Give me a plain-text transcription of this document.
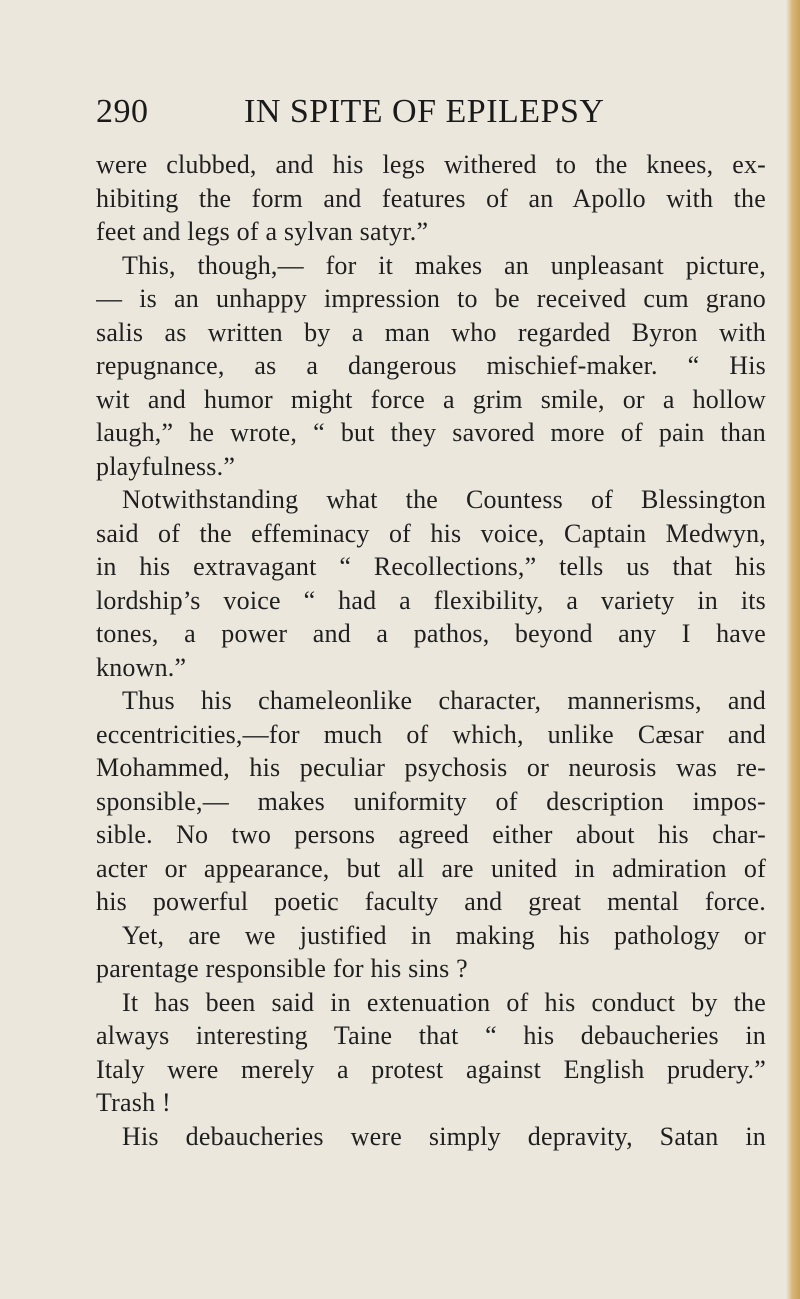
290	IN SPITE OF EPILEPSY
were clubbed, and his legs withered to the knees, ex-
hibiting the form and features of an Apollo with the
feet and legs of a sylvan satyr.”
This, though,— for it makes an unpleasant picture,
— is an unhappy impression to be received cum grano
salis as written by a man who regarded Byron with
repugnance, as a dangerous mischief-maker. “ His
wit and humor might force a grim smile, or a hollow
laugh,” he wrote, “ but they savored more of pain than
playfulness.”
Notwithstanding what the Countess of Blessington
said of the effeminacy of his voice, Captain Medwyn,
in his extravagant “ Recollections,” tells us that his
lordship’s voice “ had a flexibility, a variety in its
tones, a power and a pathos, beyond any I have
known.”
Thus his chameleonlike character, mannerisms, and
eccentricities,—for much of which, unlike Cæsar and
Mohammed, his peculiar psychosis or neurosis was re-
sponsible,— makes uniformity of description impos-
sible. No two persons agreed either about his char-
acter or appearance, but all are united in admiration of
his powerful poetic faculty and great mental force.
Yet, are we justified in making his pathology or
parentage responsible for his sins ?
It has been said in extenuation of his conduct by the
always interesting Taine that “ his debaucheries in
Italy were merely a protest against English prudery.”
Trash !
His debaucheries were simply depravity, Satan in
